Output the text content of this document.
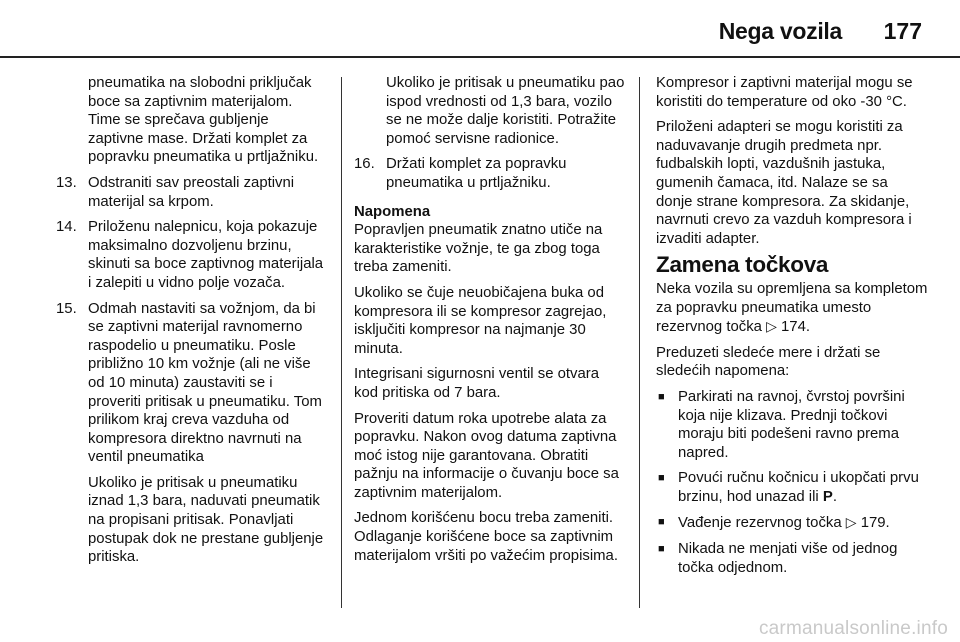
Nega vozila 177

pneumatika na slobodni priključak boce sa zaptivnim materijalom. Time se sprečava gubljenje zaptivne mase. Držati komplet za popravku pneumatika u prtljažniku.

13. Odstraniti sav preostali zaptivni materijal sa krpom.
14. Priloženu nalepnicu, koja pokazuje maksimalno dozvoljenu brzinu, skinuti sa boce zaptivnog materijala i zalepiti u vidno polje vozača.
15. Odmah nastaviti sa vožnjom, da bi se zaptivni materijal ravnomerno raspodelio u pneumatiku. Posle približno 10 km vožnje (ali ne više od 10 minuta) zaustaviti se i proveriti pritisak u pneumatiku. Tom prilikom kraj creva vazduha od kompresora direktno navrnuti na ventil pneumatika

Ukoliko je pritisak u pneumatiku iznad 1,3 bara, naduvati pneumatik na propisani pritisak. Ponavljati postupak dok ne prestane gubljenje pritiska.

Ukoliko je pritisak u pneumatiku pao ispod vrednosti od 1,3 bara, vozilo se ne može dalje koristiti. Potražite pomoć servisne radionice.

16. Držati komplet za popravku pneumatika u prtljažniku.
Napomena

Popravljen pneumatik znatno utiče na karakteristike vožnje, te ga zbog toga treba zameniti.

Ukoliko se čuje neuobičajena buka od kompresora ili se kompresor zagrejao, isključiti kompresor na najmanje 30 minuta.

Integrisani sigurnosni ventil se otvara kod pritiska od 7 bara.

Proveriti datum roka upotrebe alata za popravku. Nakon ovog datuma zaptivna moć istog nije garantovana. Obratiti pažnju na informacije o čuvanju boce sa zaptivnim materijalom.

Jednom korišćenu bocu treba zameniti. Odlaganje korišćene boce sa zaptivnim materijalom vršiti po važećim propisima.

Kompresor i zaptivni materijal mogu se koristiti do temperature od oko -30 °C.

Priloženi adapteri se mogu koristiti za naduvavanje drugih predmeta npr. fudbalskih lopti, vazdušnih jastuka, gumenih čamaca, itd. Nalaze se sa donje strane kompresora. Za skidanje, navrnuti crevo za vazduh kompresora i izvaditi adapter.

Zamena točkova

Neka vozila su opremljena sa kompletom za popravku pneumatika umesto rezervnog točka ▷ 174.

Preduzeti sledeće mere i držati se sledećih napomena:

■ Parkirati na ravnoj, čvrstoj površini koja nije klizava. Prednji točkovi moraju biti podešeni ravno prema napred.
■ Povući ručnu kočnicu i ukopčati prvu brzinu, hod unazad ili P.
■ Vađenje rezervnog točka ▷ 179.
■ Nikada ne menjati više od jednog točka odjednom.
carmanualsonline.info
